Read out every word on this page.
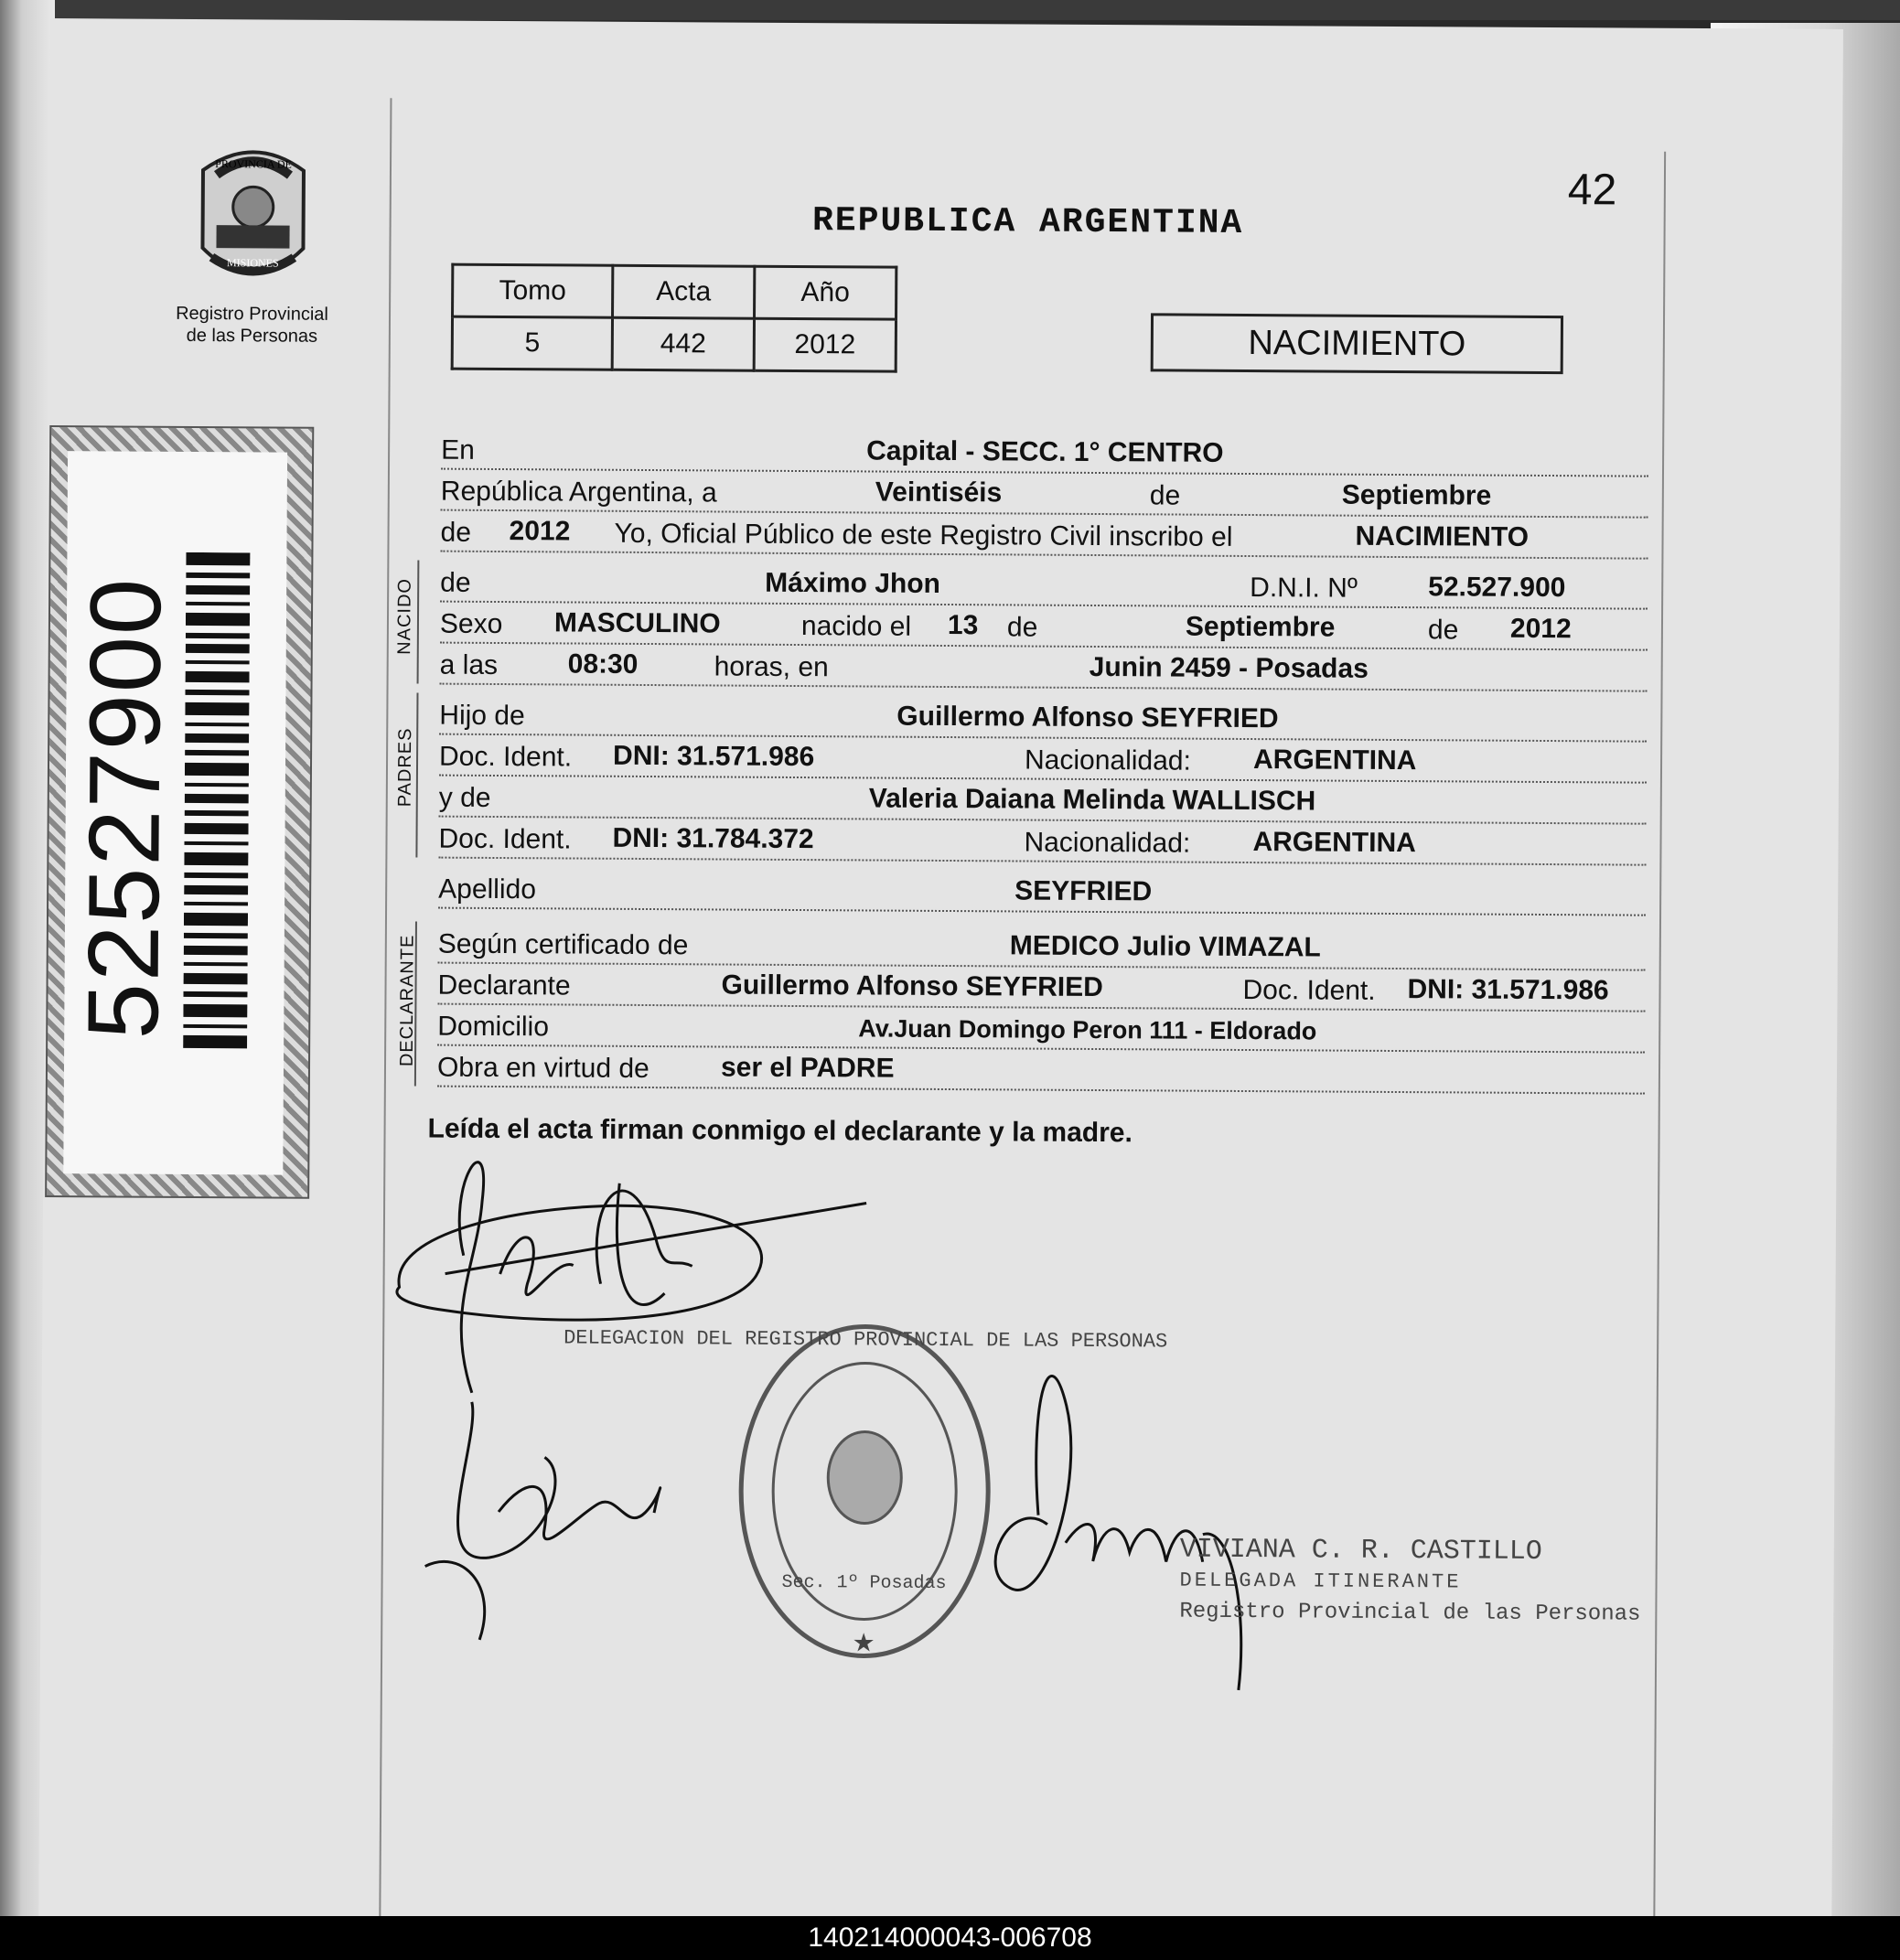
PROVINCIA DE
MISIONES
Registro Provincial
de las Personas
52527900
42
REPUBLICA ARGENTINA
Tomo	Acta	Año
5	442	2012	NACIMIENTO
En	Capital - SECC. 1° CENTRO
República Argentina, a	Veintiséis	de	Septiembre
de 2012 Yo, Oficial Público de este Registro Civil inscribo el	NACIMIENTO
NACIDO de	Máximo Jhon	D.N.I. Nº	52.527.900
Sexo MASCULINO	nacido el 13 de	Septiembre	de 2012
a las	08:30	horas, en	Junin 2459 - Posadas
PADRES
Hijo de	Guillermo Alfonso SEYFRIED
Doc. Ident. DNI: 31.571.986	Nacionalidad: ARGENTINA
y de	Valeria Daiana Melinda WALLISCH
Doc. Ident. DNI: 31.784.372	Nacionalidad: ARGENTINA
Apellido	SEYFRIED
DECLARANTE Según certificado de	MEDICO Julio VIMAZAL
Declarante	Guillermo Alfonso SEYFRIED	Doc. Ident. DNI: 31.571.986
Domicilio	Av.Juan Domingo Peron 111 - Eldorado
Obra en virtud de	ser el PADRE
Leída el acta firman conmigo el declarante y la madre.
DELEGACION DEL REGISTRO PROVINCIAL DE LAS PERSONAS
Sec. 1º Posadas
★
VIVIANA C. R. CASTILLO
DELEGADA ITINERANTE
Registro Provincial de las Personas
140214000043-006708
